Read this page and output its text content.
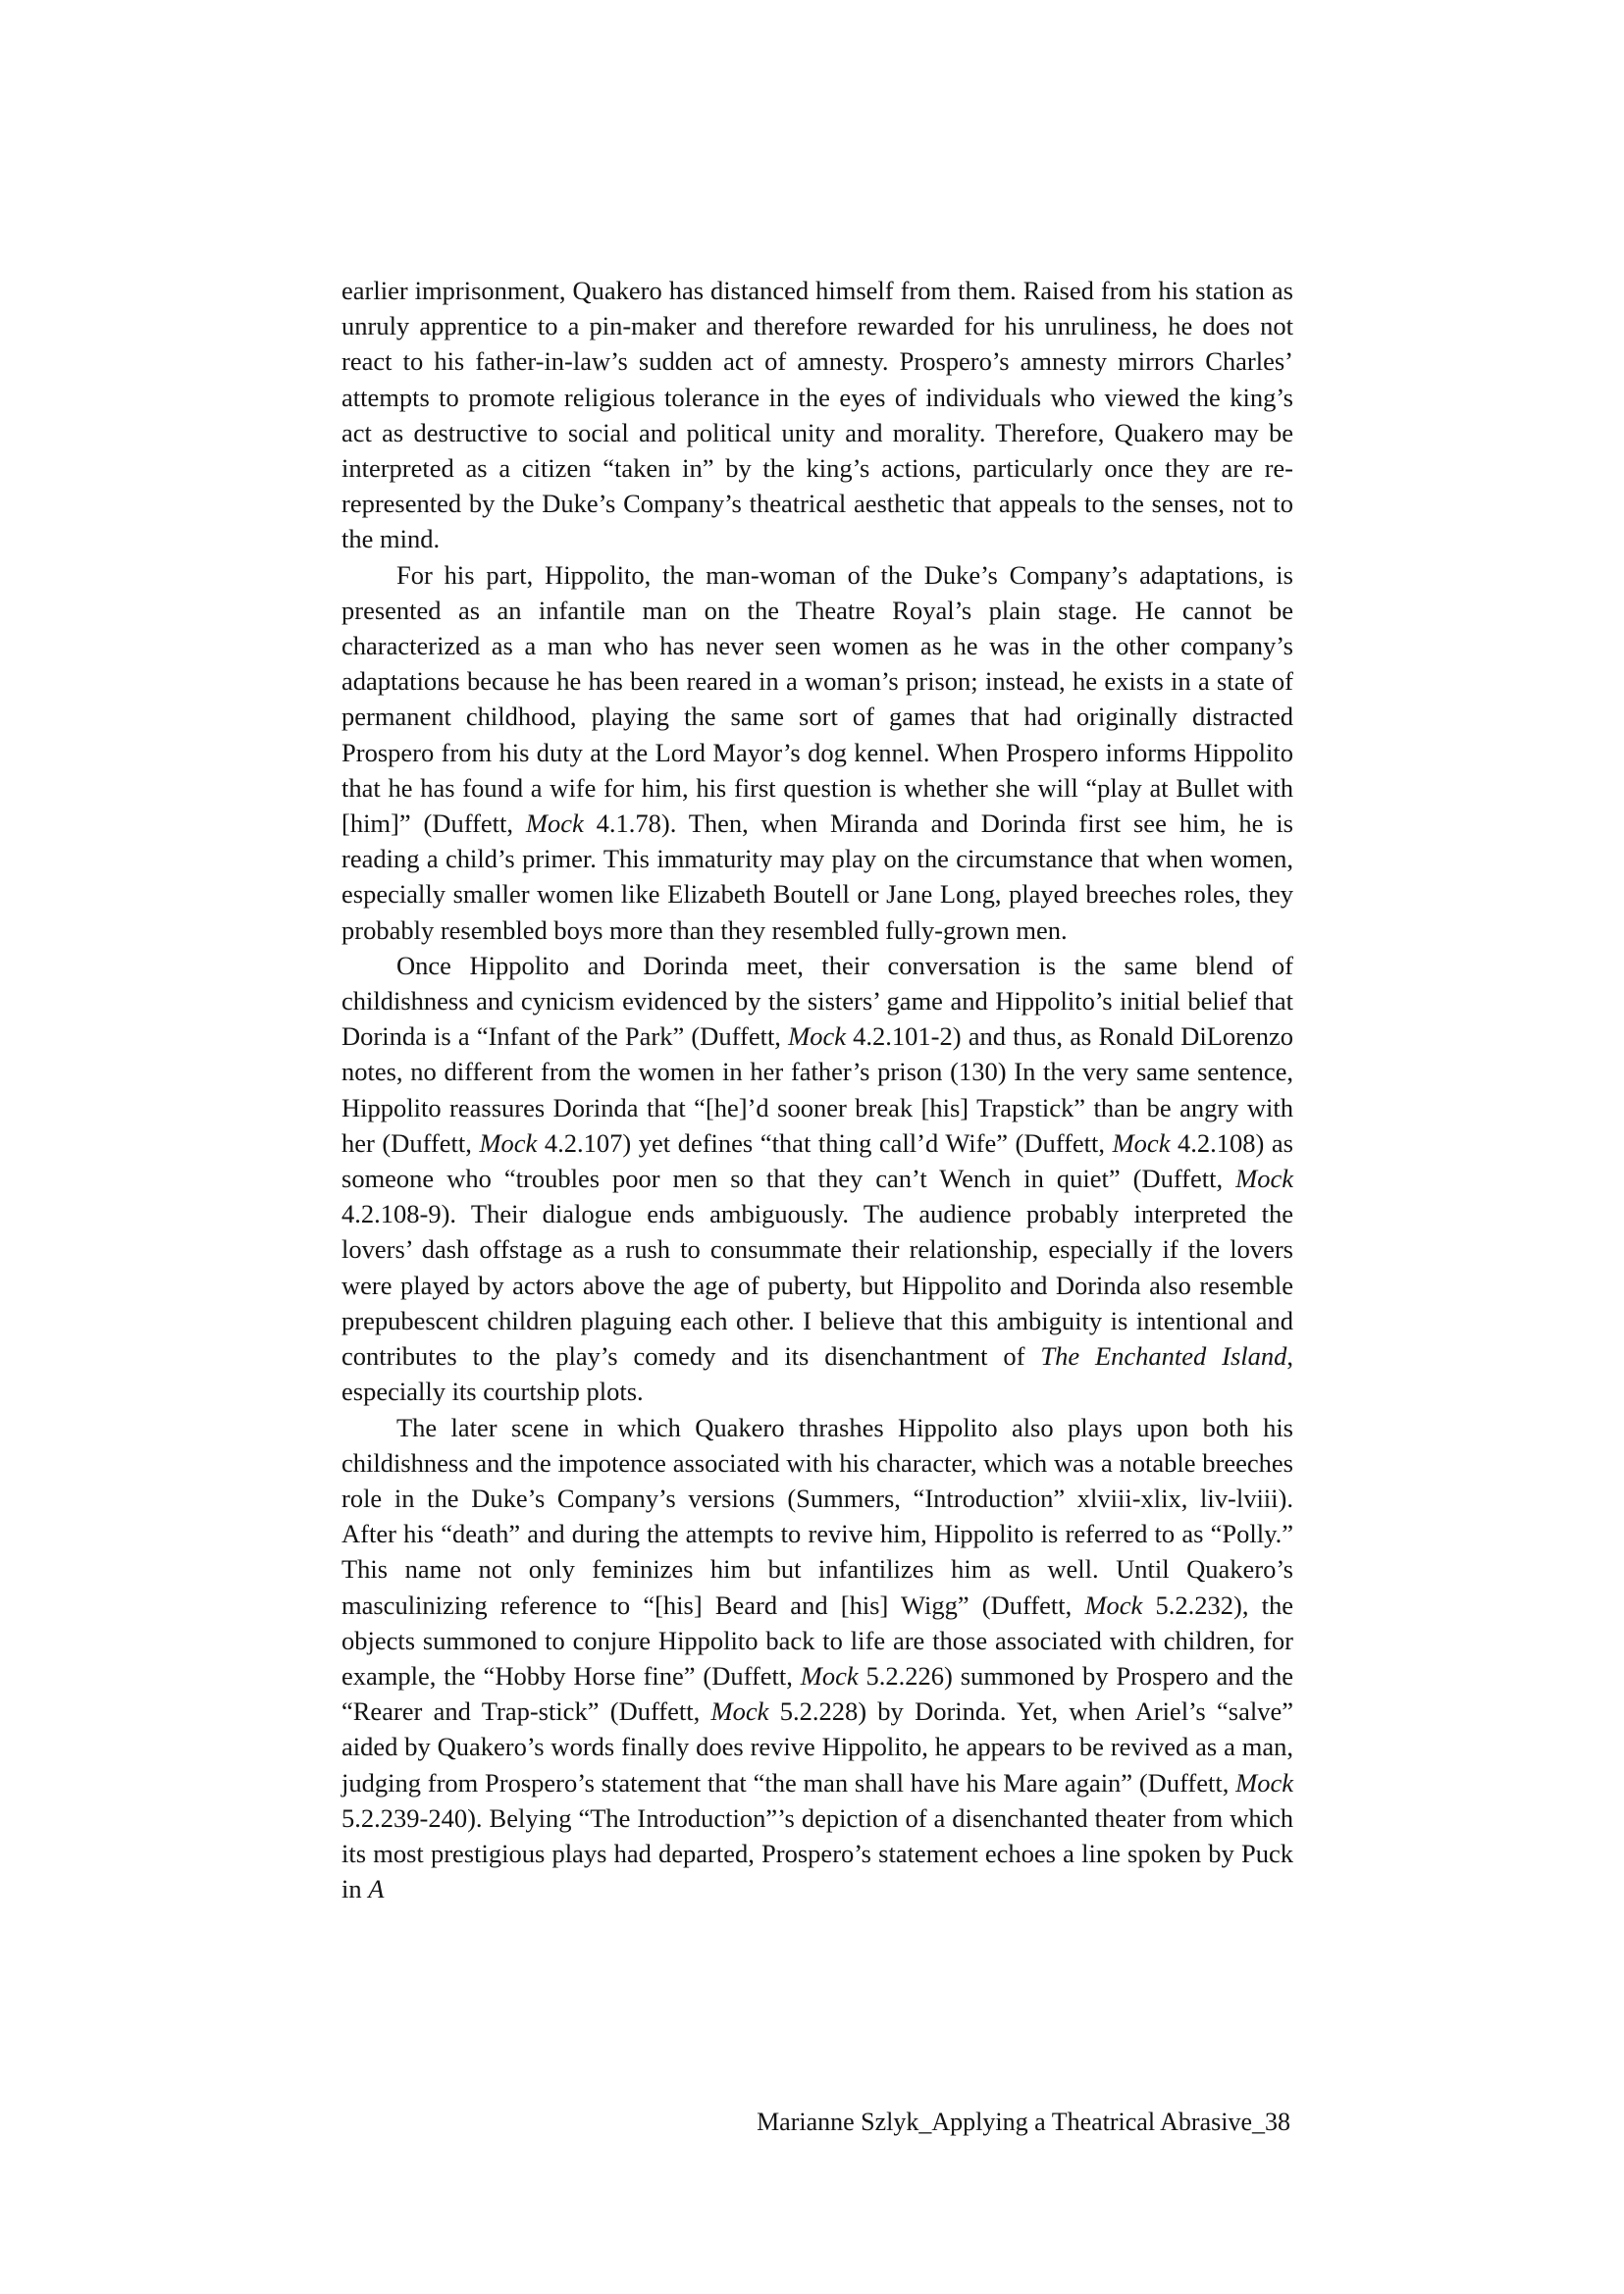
earlier imprisonment, Quakero has distanced himself from them. Raised from his station as unruly apprentice to a pin-maker and therefore rewarded for his unruliness, he does not react to his father-in-law’s sudden act of amnesty. Prospero’s amnesty mirrors Charles’ attempts to promote religious tolerance in the eyes of individuals who viewed the king’s act as destructive to social and political unity and morality. Therefore, Quakero may be interpreted as a citizen “taken in” by the king’s actions, particularly once they are re-represented by the Duke’s Company’s theatrical aesthetic that appeals to the senses, not to the mind.

For his part, Hippolito, the man-woman of the Duke’s Company’s adaptations, is presented as an infantile man on the Theatre Royal’s plain stage. He cannot be characterized as a man who has never seen women as he was in the other company’s adaptations because he has been reared in a woman’s prison; instead, he exists in a state of permanent childhood, playing the same sort of games that had originally distracted Prospero from his duty at the Lord Mayor’s dog kennel. When Prospero informs Hippolito that he has found a wife for him, his first question is whether she will “play at Bullet with [him]” (Duffett, Mock 4.1.78). Then, when Miranda and Dorinda first see him, he is reading a child’s primer. This immaturity may play on the circumstance that when women, especially smaller women like Elizabeth Boutell or Jane Long, played breeches roles, they probably resembled boys more than they resembled fully-grown men.

Once Hippolito and Dorinda meet, their conversation is the same blend of childishness and cynicism evidenced by the sisters’ game and Hippolito’s initial belief that Dorinda is a “Infant of the Park” (Duffett, Mock 4.2.101-2) and thus, as Ronald DiLorenzo notes, no different from the women in her father’s prison (130) In the very same sentence, Hippolito reassures Dorinda that “[he]’d sooner break [his] Trapstick” than be angry with her (Duffett, Mock 4.2.107) yet defines “that thing call’d Wife” (Duffett, Mock 4.2.108) as someone who “troubles poor men so that they can’t Wench in quiet” (Duffett, Mock 4.2.108-9). Their dialogue ends ambiguously. The audience probably interpreted the lovers’ dash offstage as a rush to consummate their relationship, especially if the lovers were played by actors above the age of puberty, but Hippolito and Dorinda also resemble prepubescent children plaguing each other. I believe that this ambiguity is intentional and contributes to the play’s comedy and its disenchantment of The Enchanted Island, especially its courtship plots.

The later scene in which Quakero thrashes Hippolito also plays upon both his childishness and the impotence associated with his character, which was a notable breeches role in the Duke’s Company’s versions (Summers, “Introduction” xlviii-xlix, liv-lviii). After his “death” and during the attempts to revive him, Hippolito is referred to as “Polly.” This name not only feminizes him but infantilizes him as well. Until Quakero’s masculinizing reference to “[his] Beard and [his] Wigg” (Duffett, Mock 5.2.232), the objects summoned to conjure Hippolito back to life are those associated with children, for example, the “Hobby Horse fine” (Duffett, Mock 5.2.226) summoned by Prospero and the “Rearer and Trap-stick” (Duffett, Mock 5.2.228) by Dorinda. Yet, when Ariel’s “salve” aided by Quakero’s words finally does revive Hippolito, he appears to be revived as a man, judging from Prospero’s statement that “the man shall have his Mare again” (Duffett, Mock 5.2.239-240). Belying “The Introduction”’s depiction of a disenchanted theater from which its most prestigious plays had departed, Prospero’s statement echoes a line spoken by Puck in A

Marianne Szlyk_Applying a Theatrical Abrasive_38
